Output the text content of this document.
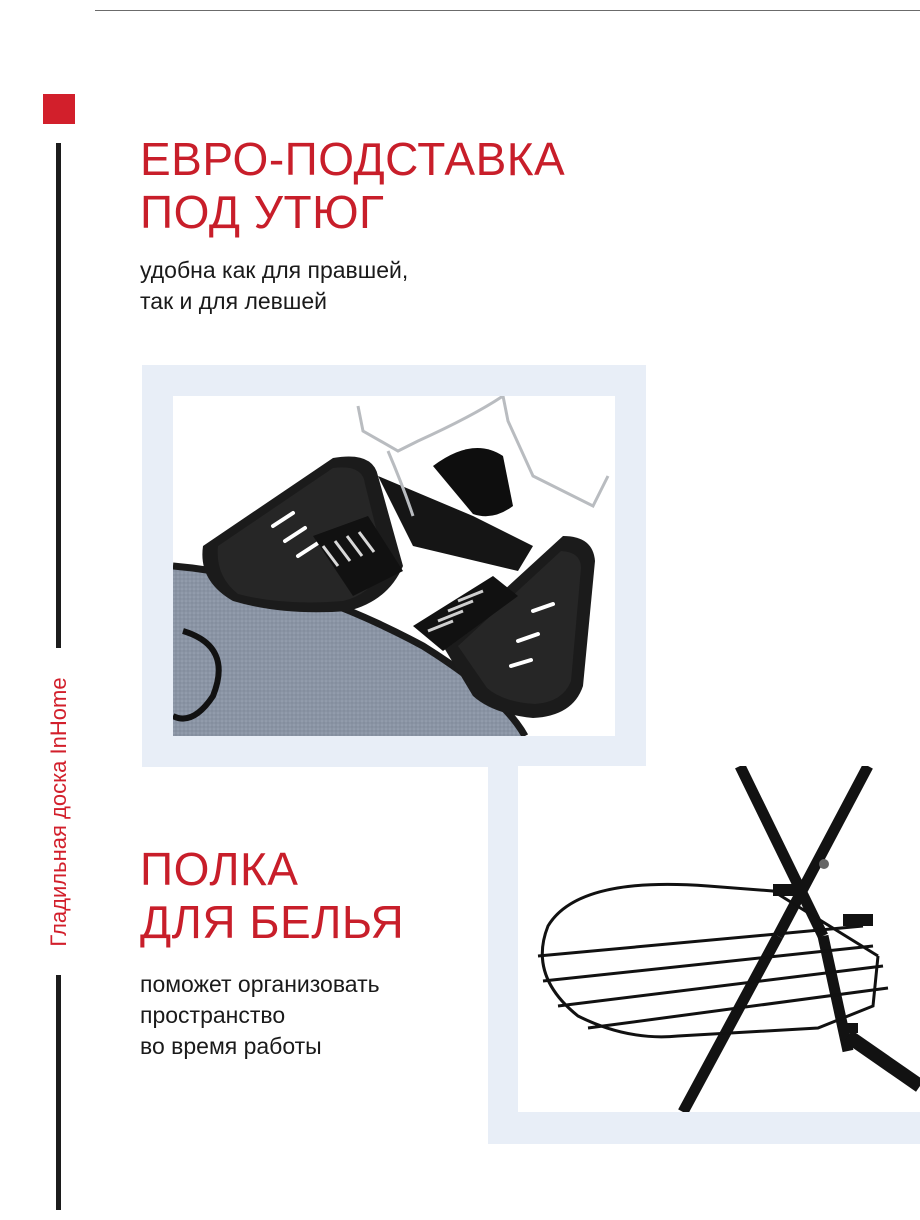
Гладильная доска InHome
ЕВРО-ПОДСТАВКА
ПОД УТЮГ

удобна как для правшей,
так и для левшей

ПОЛКА
ДЛЯ БЕЛЬЯ

поможет организовать
пространство
во время работы
